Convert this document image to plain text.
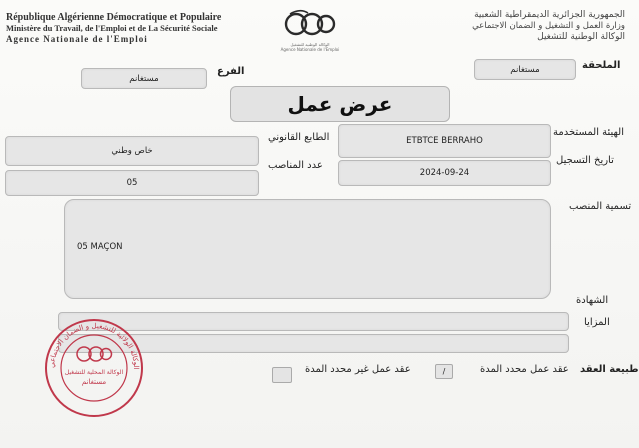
République Algérienne Démocratique et Populaire
Ministère du Travail, de l'Emploi et de La Sécurité Sociale
Agence Nationale de l'Emploi
الوكالة الوطنية للتشغيل
Agence Nationale de l'Emploi
الجمهورية الجزائرية الديمقراطية الشعبية
وزارة العمل و التشغيل و الضمان الاجتماعي
الوكالة الوطنية للتشغيل
الملحقة
مستغانم
الفرع
مستغانم
عرض عمل
الهيئة المستخدمة
ETBTCE BERRAHO
الطابع القانوني
خاص وطني
تاريخ التسجيل
2024-09-24
عدد المناصب
05
تسمية المنصب
05 MAÇON
الشهادة
المزايا
طبيعة العقد
عقد عمل محدد المدة
/
عقد عمل غير محدد المدة
الوكالة الولائية للتشغيل و الضمان الاجتماعي
الوكالة المحلية للتشغيل
مستغانم
